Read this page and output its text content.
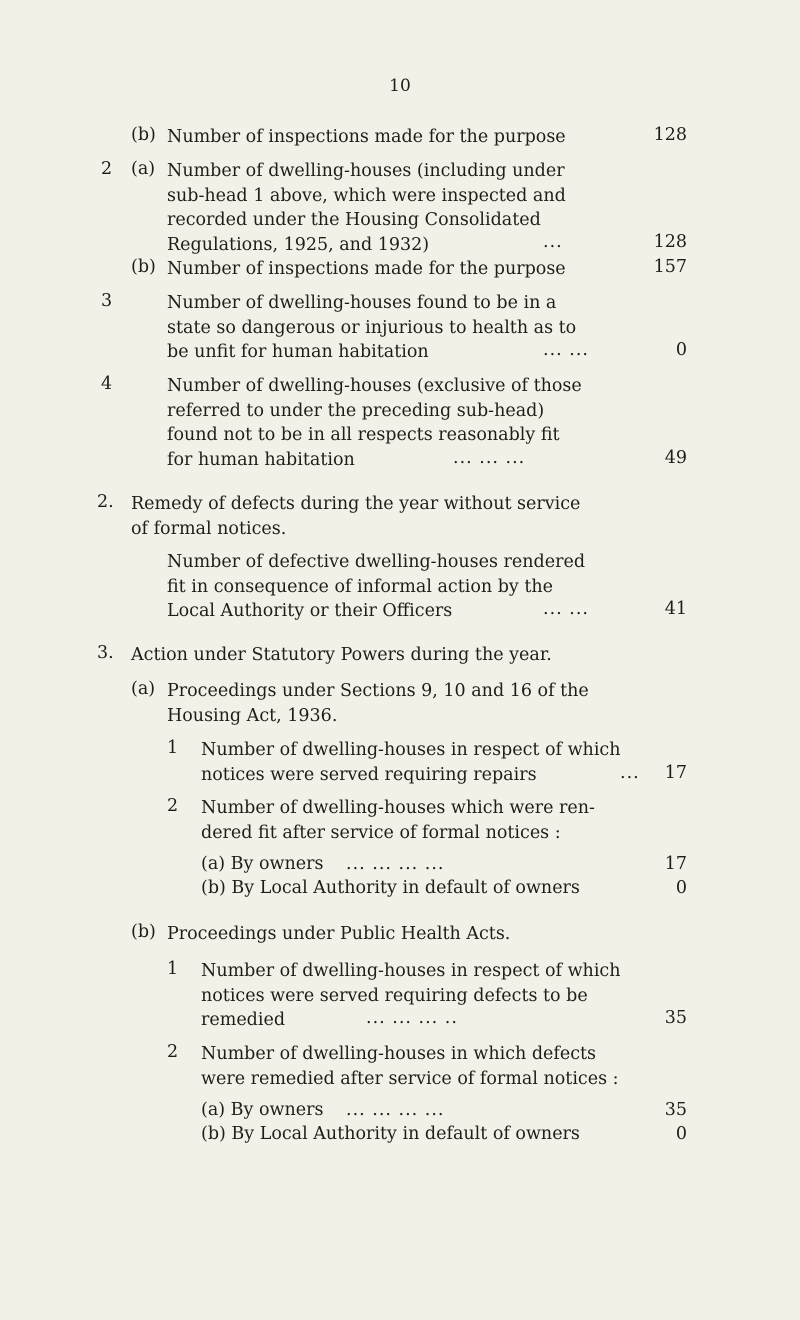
10
(b) Number of inspections made for the purpose	128
2 (a) Number of dwelling-houses (including under
sub-head 1 above, which were inspected and
recorded under the Housing Consolidated
Regulations, 1925, and 1932)	...	128
(b) Number of inspections made for the purpose	157
3	Number of dwelling-houses found to be in a
state so dangerous or injurious to health as to
be unfit for human habitation	... ...	0
4	Number of dwelling-houses (exclusive of those
referred to under the preceding sub-head)
found not to be in all respects reasonably fit
for human habitation	... ... ...	49
2. Remedy of defects during the year without service
of formal notices.
Number of defective dwelling-houses rendered
fit in consequence of informal action by the
Local Authority or their Officers	... ...	41
3. Action under Statutory Powers during the year.
(a) Proceedings under Sections 9, 10 and 16 of the
Housing Act, 1936.
1 Number of dwelling-houses in respect of which
notices were served requiring repairs	... 17
2 Number of dwelling-houses which were ren-
dered fit after service of formal notices :
(a) By owners ... ... ... ...	17
(b) By Local Authority in default of owners	0
(b) Proceedings under Public Health Acts.
1 Number of dwelling-houses in respect of which
notices were served requiring defects to be
remedied	... ... ... ..	35
2 Number of dwelling-houses in which defects
were remedied after service of formal notices :
(a) By owners ... ... ... ...	35
(b) By Local Authority in default of owners	0
